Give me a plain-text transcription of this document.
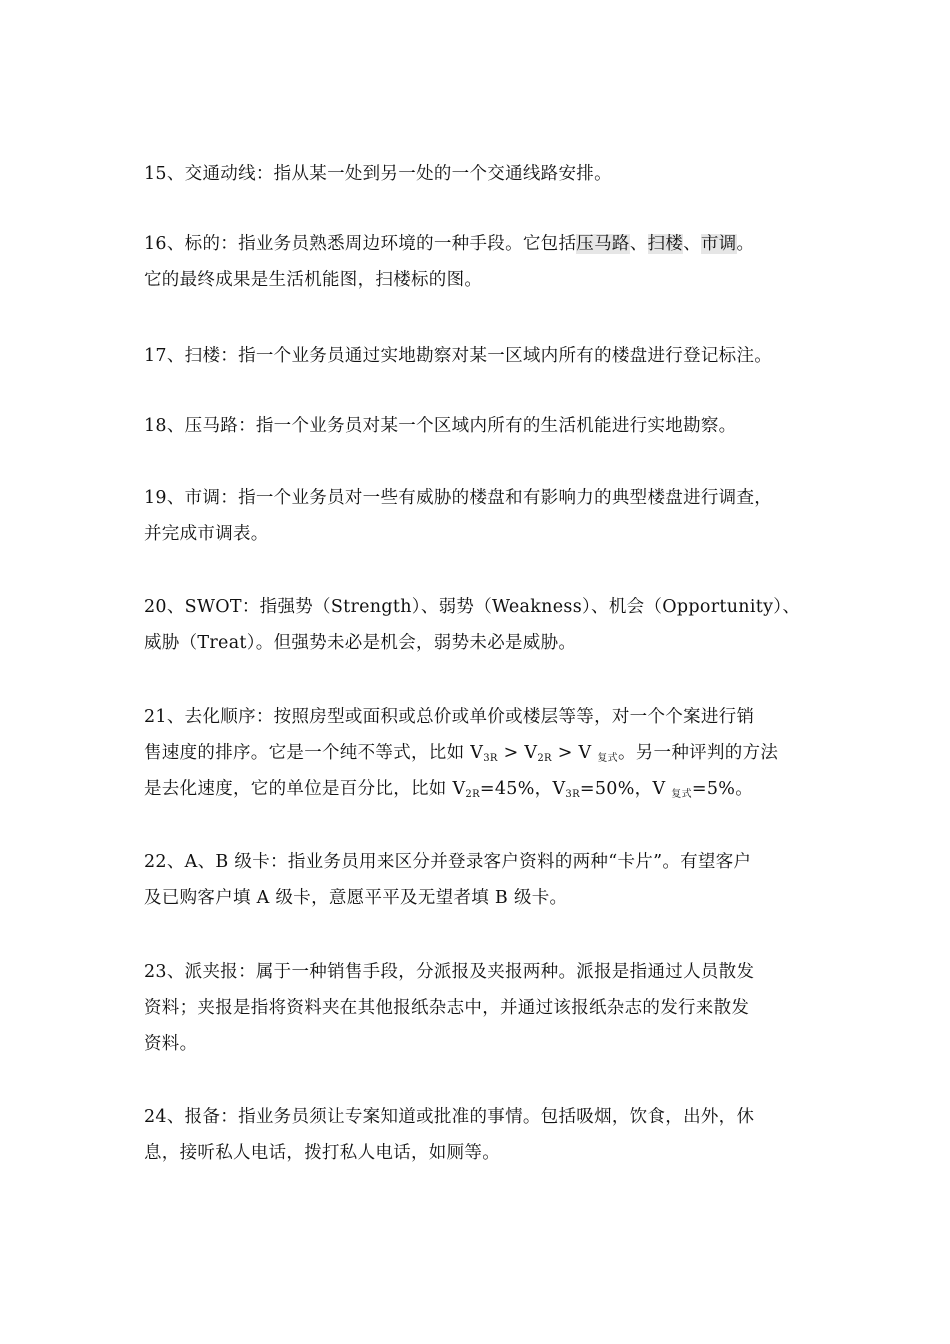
15、交通动线：指从某一处到另一处的一个交通线路安排。
16、标的：指业务员熟悉周边环境的一种手段。它包括压马路、扫楼、市调。
它的最终成果是生活机能图，扫楼标的图。
17、扫楼：指一个业务员通过实地勘察对某一区域内所有的楼盘进行登记标注。
18、压马路：指一个业务员对某一个区域内所有的生活机能进行实地勘察。
19、市调：指一个业务员对一些有威胁的楼盘和有影响力的典型楼盘进行调查，
并完成市调表。
20、SWOT：指强势（Strength）、弱势（Weakness）、机会（Opportunity）、
威胁（Treat）。但强势未必是机会，弱势未必是威胁。
21、去化顺序：按照房型或面积或总价或单价或楼层等等，对一个个案进行销
售速度的排序。它是一个纯不等式，比如 $V_{3R} > V_{2R} > V$ $_{复式}$。另一种评判的方法
是去化速度，它的单位是百分比，比如 $V_{2R}=45\%$，$V_{3R}=50\%$，V $_{复式}$=5%。
22、A、B 级卡：指业务员用来区分并登录客户资料的两种“卡片”。有望客户
及已购客户填 A 级卡，意愿平平及无望者填 B 级卡。
23、派夹报：属于一种销售手段，分派报及夹报两种。派报是指通过人员散发
资料；夹报是指将资料夹在其他报纸杂志中，并通过该报纸杂志的发行来散发
资料。
24、报备：指业务员须让专案知道或批准的事情。包括吸烟，饮食，出外，休
息，接听私人电话，拨打私人电话，如厕等。
